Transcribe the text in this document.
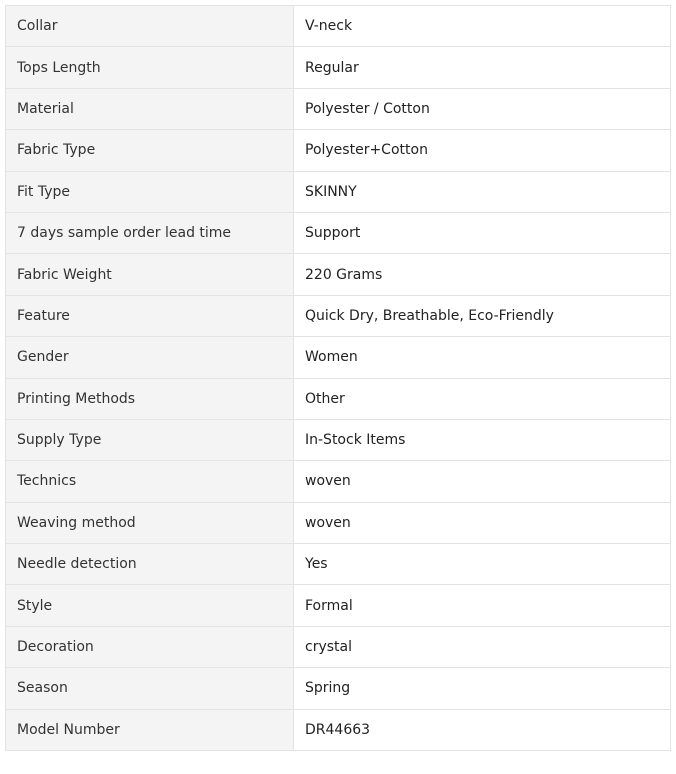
Collar	V-neck
Tops Length	Regular
Material	Polyester / Cotton
Fabric Type	Polyester+Cotton
Fit Type	SKINNY
7 days sample order lead time	Support
Fabric Weight	220 Grams
Feature	Quick Dry, Breathable, Eco-Friendly
Gender	Women
Printing Methods	Other
Supply Type	In-Stock Items
Technics	woven
Weaving method	woven
Needle detection	Yes
Style	Formal
Decoration	crystal
Season	Spring
Model Number	DR44663
